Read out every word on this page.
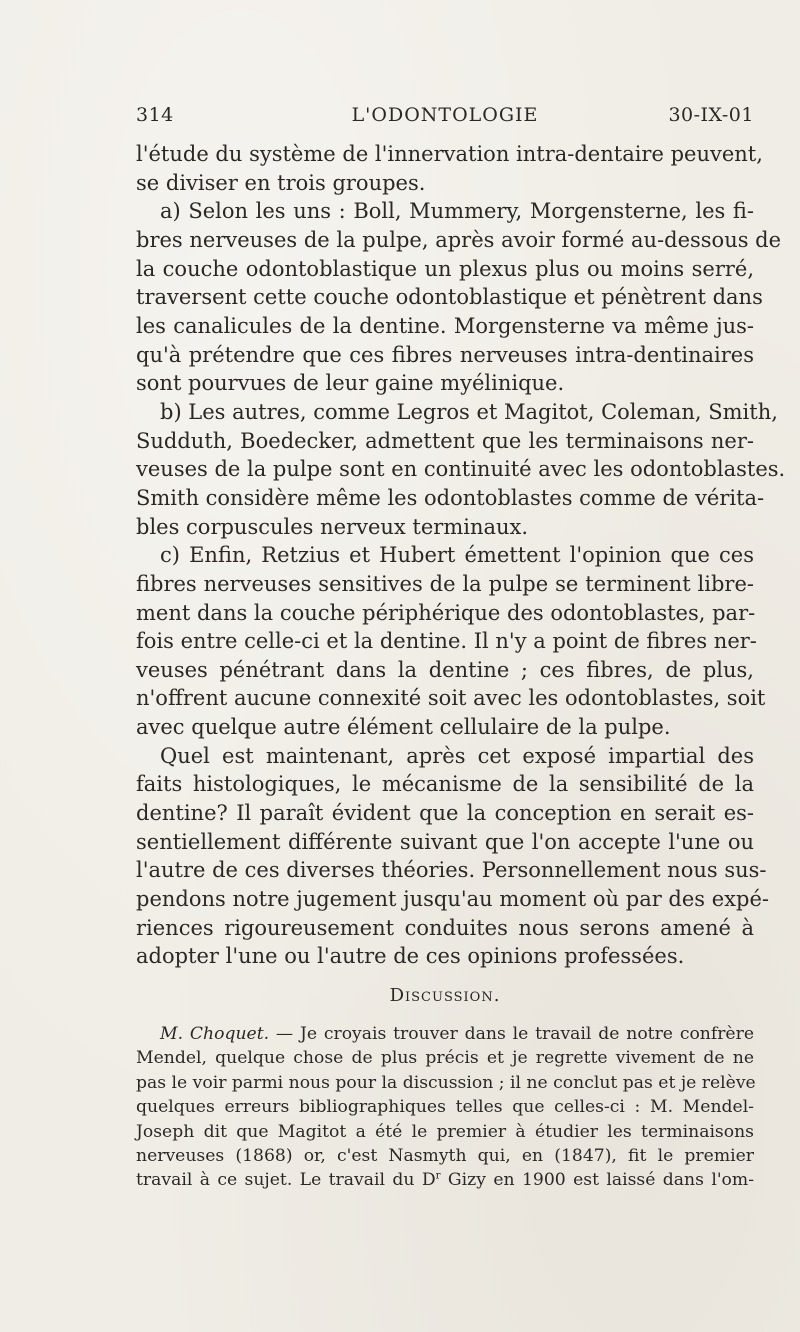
314	L'ODONTOLOGIE	30-IX-01
l'étude du système de l'innervation intra-dentaire peuvent,
se diviser en trois groupes.
a) Selon les uns : Boll, Mummery, Morgensterne, les fi-
bres nerveuses de la pulpe, après avoir formé au-dessous de
la couche odontoblastique un plexus plus ou moins serré,
traversent cette couche odontoblastique et pénètrent dans
les canalicules de la dentine. Morgensterne va même jus-
qu'à prétendre que ces fibres nerveuses intra-dentinaires
sont pourvues de leur gaine myélinique.
b) Les autres, comme Legros et Magitot, Coleman, Smith,
Sudduth, Boedecker, admettent que les terminaisons ner-
veuses de la pulpe sont en continuité avec les odontoblastes.
Smith considère même les odontoblastes comme de vérita-
bles corpuscules nerveux terminaux.
c) Enfin, Retzius et Hubert émettent l'opinion que ces
fibres nerveuses sensitives de la pulpe se terminent libre-
ment dans la couche périphérique des odontoblastes, par-
fois entre celle-ci et la dentine. Il n'y a point de fibres ner-
veuses pénétrant dans la dentine ; ces fibres, de plus,
n'offrent aucune connexité soit avec les odontoblastes, soit
avec quelque autre élément cellulaire de la pulpe.
Quel est maintenant, après cet exposé impartial des
faits histologiques, le mécanisme de la sensibilité de la
dentine? Il paraît évident que la conception en serait es-
sentiellement différente suivant que l'on accepte l'une ou
l'autre de ces diverses théories. Personnellement nous sus-
pendons notre jugement jusqu'au moment où par des expé-
riences rigoureusement conduites nous serons amené à
adopter l'une ou l'autre de ces opinions professées.
Discussion.
M. Choquet. — Je croyais trouver dans le travail de notre confrère
Mendel, quelque chose de plus précis et je regrette vivement de ne
pas le voir parmi nous pour la discussion ; il ne conclut pas et je relève
quelques erreurs bibliographiques telles que celles-ci : M. Mendel-
Joseph dit que Magitot a été le premier à étudier les terminaisons
nerveuses (1868) or, c'est Nasmyth qui, en (1847), fit le premier
travail à ce sujet. Le travail du $D^r$ Gizy en 1900 est laissé dans l'om-
